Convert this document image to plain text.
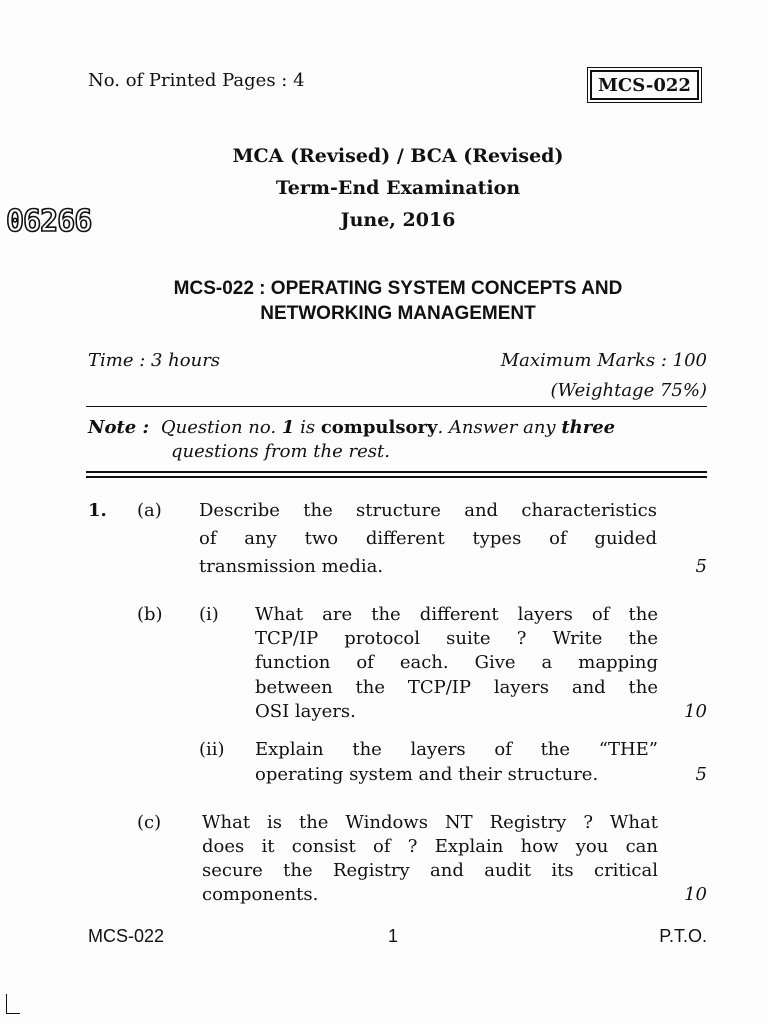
No. of Printed Pages : 4	MCS-022
MCA (Revised) / BCA (Revised)
Term-End Examination
June, 2016
06266
MCS-022 : OPERATING SYSTEM CONCEPTS AND
NETWORKING MANAGEMENT
Time : 3 hours	Maximum Marks : 100
(Weightage 75%)
Note : Question no. 1 is compulsory. Answer any three
questions from the rest.
1. (a) Describe the structure and characteristics
of any two different types of guided
transmission media.	5
(b) (i) What are the different layers of the
TCP/IP protocol suite ? Write the
function of each. Give a mapping
between the TCP/IP layers and the
OSI layers.	10
(ii) Explain the layers of the “THE”
operating system and their structure.	5
(c) What is the Windows NT Registry ? What
does it consist of ? Explain how you can
secure the Registry and audit its critical
components.	10
MCS-022	1	P.T.O.
